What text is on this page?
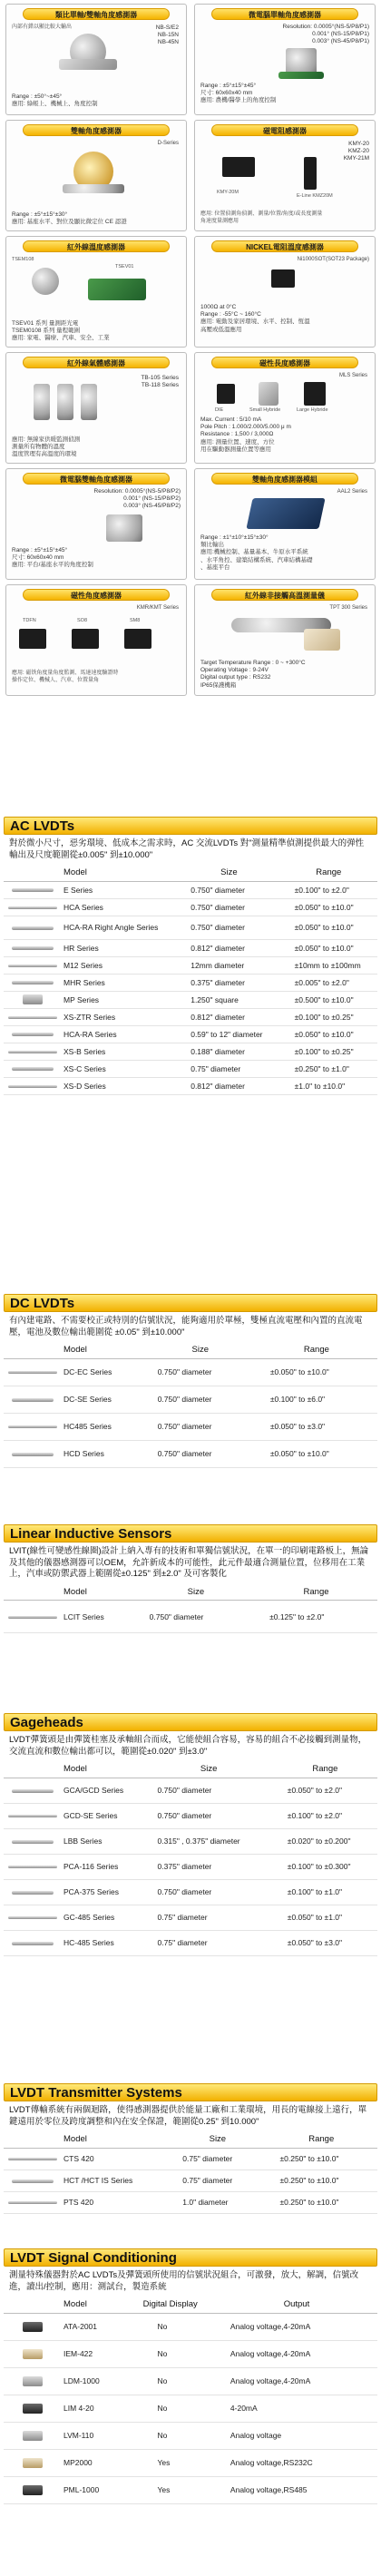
類比單軸/雙軸角度感測器
內部有錯以顯比較大輸出	NB-S/E2
NB-15N
NB-45N
Range : ±50°~±45°
應用: 綠帳上、機械上、角度控制
微電腦單軸角度感測器
Resolution: 0.0005°(NS-5/P8/P1)
0.001° (NS-15/P8/P1)
0.003° (NS-45/P8/P1)
Range : ±5°±15°±45°
尺寸: 60x60x40 mm
應用: 農機/醫學上的角度控制
雙軸角度感測器
D-Series
Range : ±5°±15°±30°
應用: 基座水平、對位及顯比微定位 CE 認證
磁電阻感測器
KMY-20
KMZ-20
KMY-21M
KMY-20M
E-Line KMZ20M
應用: 位置偵測角偵測、測量/位置/角度/或長度測量
角速度量測應用
紅外線溫度感測器
TSEM108
TSEV01
TSEV01 系列 量測距光電
TSEM0108 系列 量程範圍
應用: 家電、醫療、汽車、安全、工業
NICKEL電阻溫度感測器
Ni1000SOT(SOT23 Package)
1000Ω at 0°C
Range : -55°C ~ 160°C
應用: 電動及家居環境、水平、控制、恆溫
高壓或低溫應用
紅外線氣體感測器
TB-105 Series
TB-118 Series
應用: 無線家供暖監測偵測
測量所有物體的溫度
溫度管理有高溫度的環境
磁性長度感測器
MLS Series
DIE	Small Hybride	Large Hybride
Max. Current : 5/10 mA
Pole Pitch : 1.000/2.000/5.000 μ m
Resistance : 1,500 / 3,000Ω
應用: 測量位置、速度、方位
用在驅動器測量位置等應用
微電腦雙軸角度感測器
Resolution: 0.0005°(NS-5/P8/P2)
0.001° (NS-15/P8/P2)
0.003° (NS-45/P8/P2)
Range : ±5°±15°±45°
尺寸: 60x60x40 mm
應用: 平台/基座水平的角度控制
雙軸角度感測器模組
AAL2 Series
Range : ±1°±10°±15°±30°
類比輸出
應用:機械控制、基量基本、牛原水平系統
、水平角控、建築結構系統、汽車結構基礎
、基座平台
磁性角度感測器
KMR/KMT Series
TDFN	SO8	SM8
應用: 磁铁角度量角度監測、馬達速度驗證時
操作定位、機械人、汽車、位置量角
紅外線非接觸高溫測量儀
TPT 300 Series
Target Temperature Range : 0 ~ +300°C
Operating Voltage : 9-24V
Digital output type : RS232
IP65保護機箱
AC LVDTs
對於微小尺寸，惡劣環境、低成本之需求時，AC 交流LVDTs 對"測量精準偵測提供最大的弹性輸出及尺度範圍從±0.005" 到±10.000"
	Model	Size	Range
	E Series	0.750" diameter	±0.100" to ±2.0"
	HCA Series	0.750" diameter	±0.050" to ±10.0"
	HCA-RA Right Angle Series	0.750" diameter	±0.050" to ±10.0"
	HR Series	0.812" diameter	±0.050" to ±10.0"
	M12 Series	12mm diameter	±10mm to ±100mm
	MHR Series	0.375" diameter	±0.005" to ±2.0"
	MP Series	1.250" square	±0.500" to ±10.0"
	XS-ZTR Series	0.812" diameter	±0.100" to ±0.25"
	HCA-RA Series	0.59" to 12" diameter	±0.050" to ±10.0"
	XS-B Series	0.188" diameter	±0.100" to ±0.25"
	XS-C Series	0.75" diameter	±0.250" to ±1.0"
	XS-D Series	0.812" diameter	±1.0" to ±10.0"
DC LVDTs
有內建電路、不需要校正或特別的信號狀況，能夠適用於單極，雙極直流電壓和內置的直流電壓，電池及數位輸出範圍從 ±0.05" 到±10.000"
	Model	Size	Range
	DC-EC Series	0.750" diameter	±0.050" to ±10.0"
	DC-SE Series	0.750" diameter	±0.100" to ±6.0"
	HC485 Series	0.750" diameter	±0.050" to ±3.0"
	HCD Series	0.750" diameter	±0.050" to ±10.0"
Linear Inductive Sensors
LVIT(線性可變感性線圈)設計上納入專有的技術和單獨信號狀況，在單一的印刷電路板上，無論及其他的儀器感測器可以OEM，允許新成本的可能性，此元件最適合測量位置，位移用在工業上，汽車或防禦武器上範圍從±0.125" 到±2.0" 及可客製化
	Model	Size	Range
	LCIT Series	0.750" diameter	±0.125" to ±2.0"
Gageheads
LVDT彈簧頭是由彈簧桂塞及承軸組合而成，它能使組合容易，容易的組合不必接觸到測量物，交流直流和數位輸出都可以，範圍從±0.020" 到±3.0"
	Model	Size	Range
	GCA/GCD Series	0.750" diameter	±0.050" to ±2.0"
	GCD-SE Series	0.750" diameter	±0.100" to ±2.0"
	LBB Series	0.315" , 0.375" diameter	±0.020" to ±0.200"
	PCA-116 Series	0.375" diameter	±0.100" to ±0.300"
	PCA-375 Series	0.750" diameter	±0.100" to ±1.0"
	GC-485 Series	0.75" diameter	±0.050" to ±1.0"
	HC-485 Series	0.75" diameter	±0.050" to ±3.0"
LVDT Transmitter Systems
LVDT傳輸系統有兩個迴路，使得感測器提供於能量工廠和工業環境，用長的電線接上遠行，單鍵遠用於零位及跨度調整和內在安全保證，範圍從0.25" 到10.000"
	Model	Size	Range
	CTS 420	0.75" diameter	±0.250" to ±10.0"
	HCT /HCT IS Series	0.75" diameter	±0.250" to ±10.0"
	PTS 420	1.0" diameter	±0.250" to ±10.0"
LVDT Signal Conditioning
測量特殊儀器對於AC LVDTs及彈簧頭所使用的信號狀況組合，可激發，放大，解調，信號改進，讀出/控制，應用：測試台，製造系統
	Model	Digital Display	Output
	ATA-2001	No	Analog voltage,4-20mA
	IEM-422	No	Analog voltage,4-20mA
	LDM-1000	No	Analog voltage,4-20mA
	LIM 4-20	No	4-20mA
	LVM-110	No	Analog voltage
	MP2000	Yes	Analog voltage,RS232C
	PML-1000	Yes	Analog voltage,RS485
